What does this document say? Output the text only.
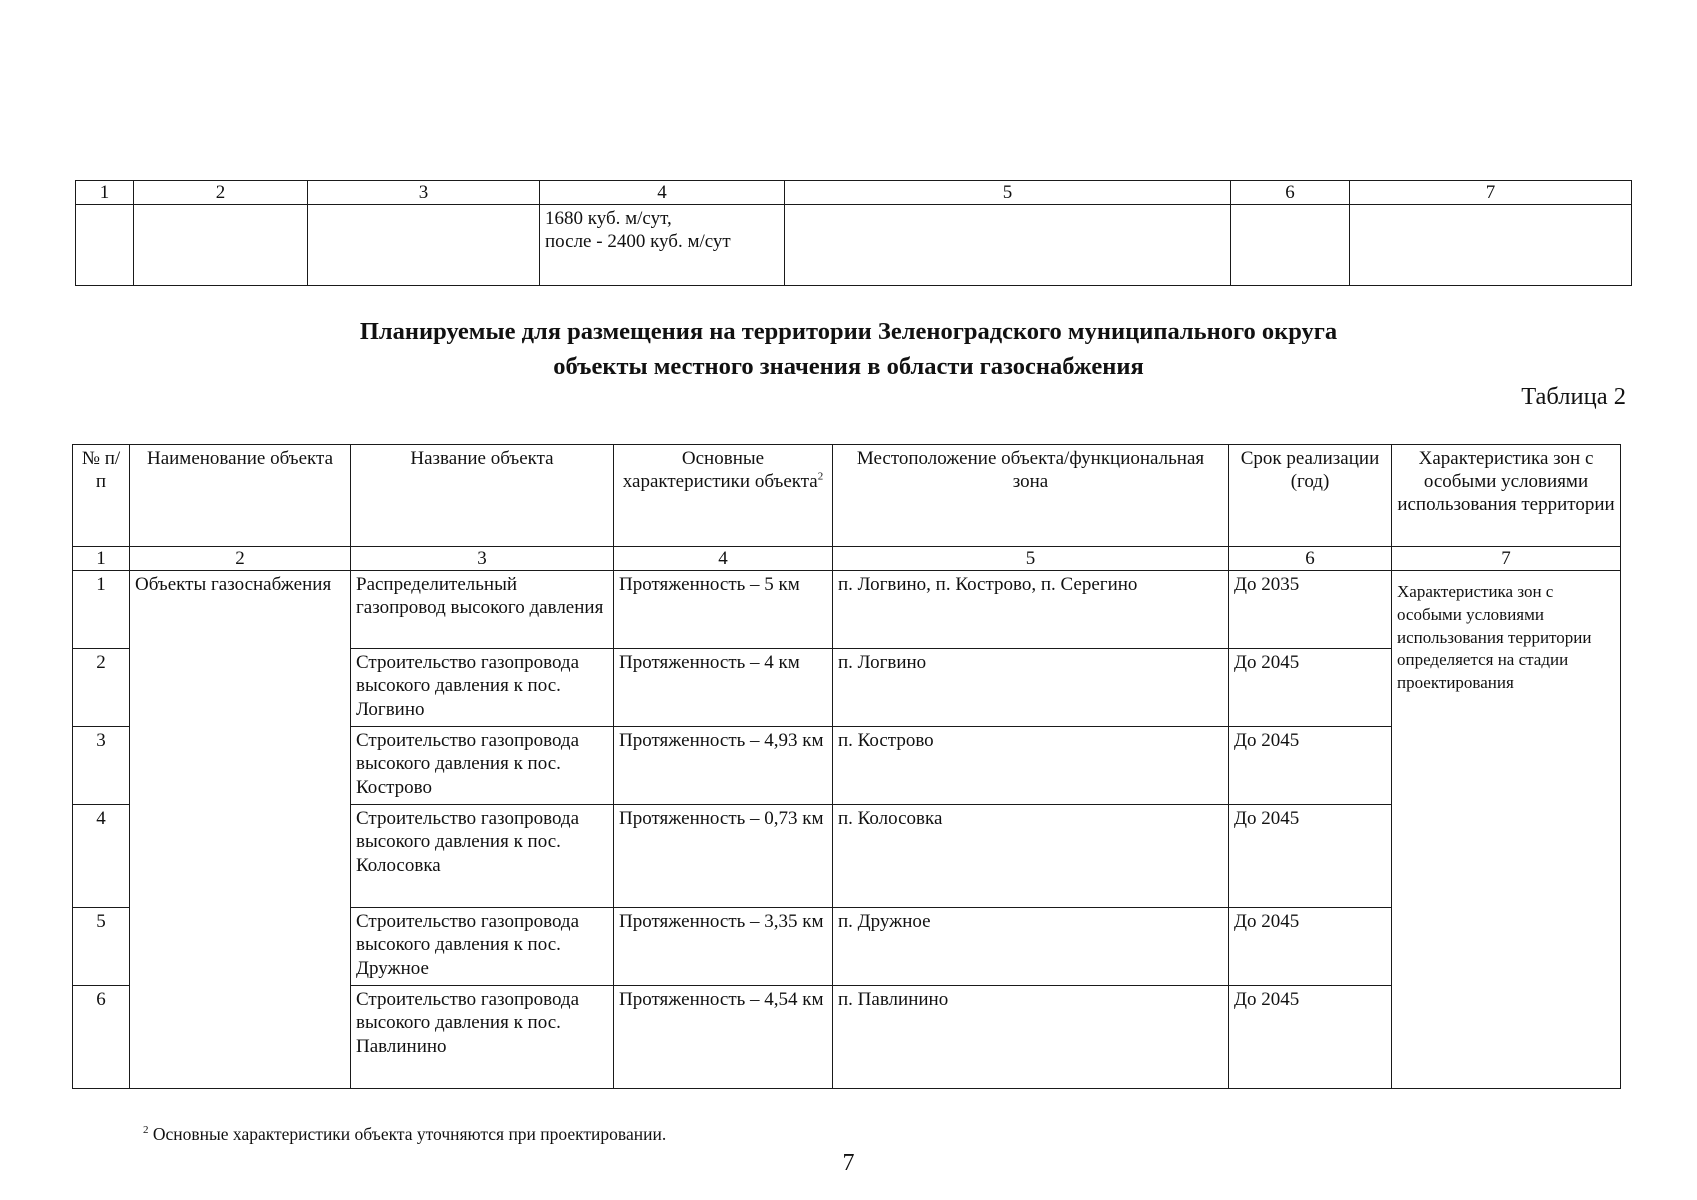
1	2	3	4	5	6	7

			1680 куб. м/сут,
после - 2400 куб. м/сут			

Планируемые для размещения на территории Зеленоградского муниципального округа
объекты местного значения в области газоснабжения
Таблица 2
№ п/п	Наименование объекта	Название объекта	Основные характеристики объекта$^2$	Местоположение объекта/функциональная зона	Срок реализации (год)	Характеристика зон с особыми условиями использования территории
1	2	3	4	5	6	7
1	Объекты газоснабжения	Распределительный газопровод высокого давления	Протяженность – 5 км	п. Логвино, п. Кострово, п. Серегино	До 2035	Характеристика зон с особыми условиями использования территории определяется на стадии проектирования
2		Строительство газопровода высокого давления к пос. Логвино	Протяженность – 4 км	п. Логвино	До 2045	
3		Строительство газопровода высокого давления к пос. Кострово	Протяженность – 4,93 км	п. Кострово	До 2045	
4		Строительство газопровода высокого давления к пос. Колосовка	Протяженность – 0,73 км	п. Колосовка	До 2045	
5		Строительство газопровода высокого давления к пос. Дружное	Протяженность – 3,35 км	п. Дружное	До 2045	
6		Строительство газопровода высокого давления к пос. Павлинино	Протяженность – 4,54 км	п. Павлинино	До 2045	
$^2$ Основные характеристики объекта уточняются при проектировании.
7
